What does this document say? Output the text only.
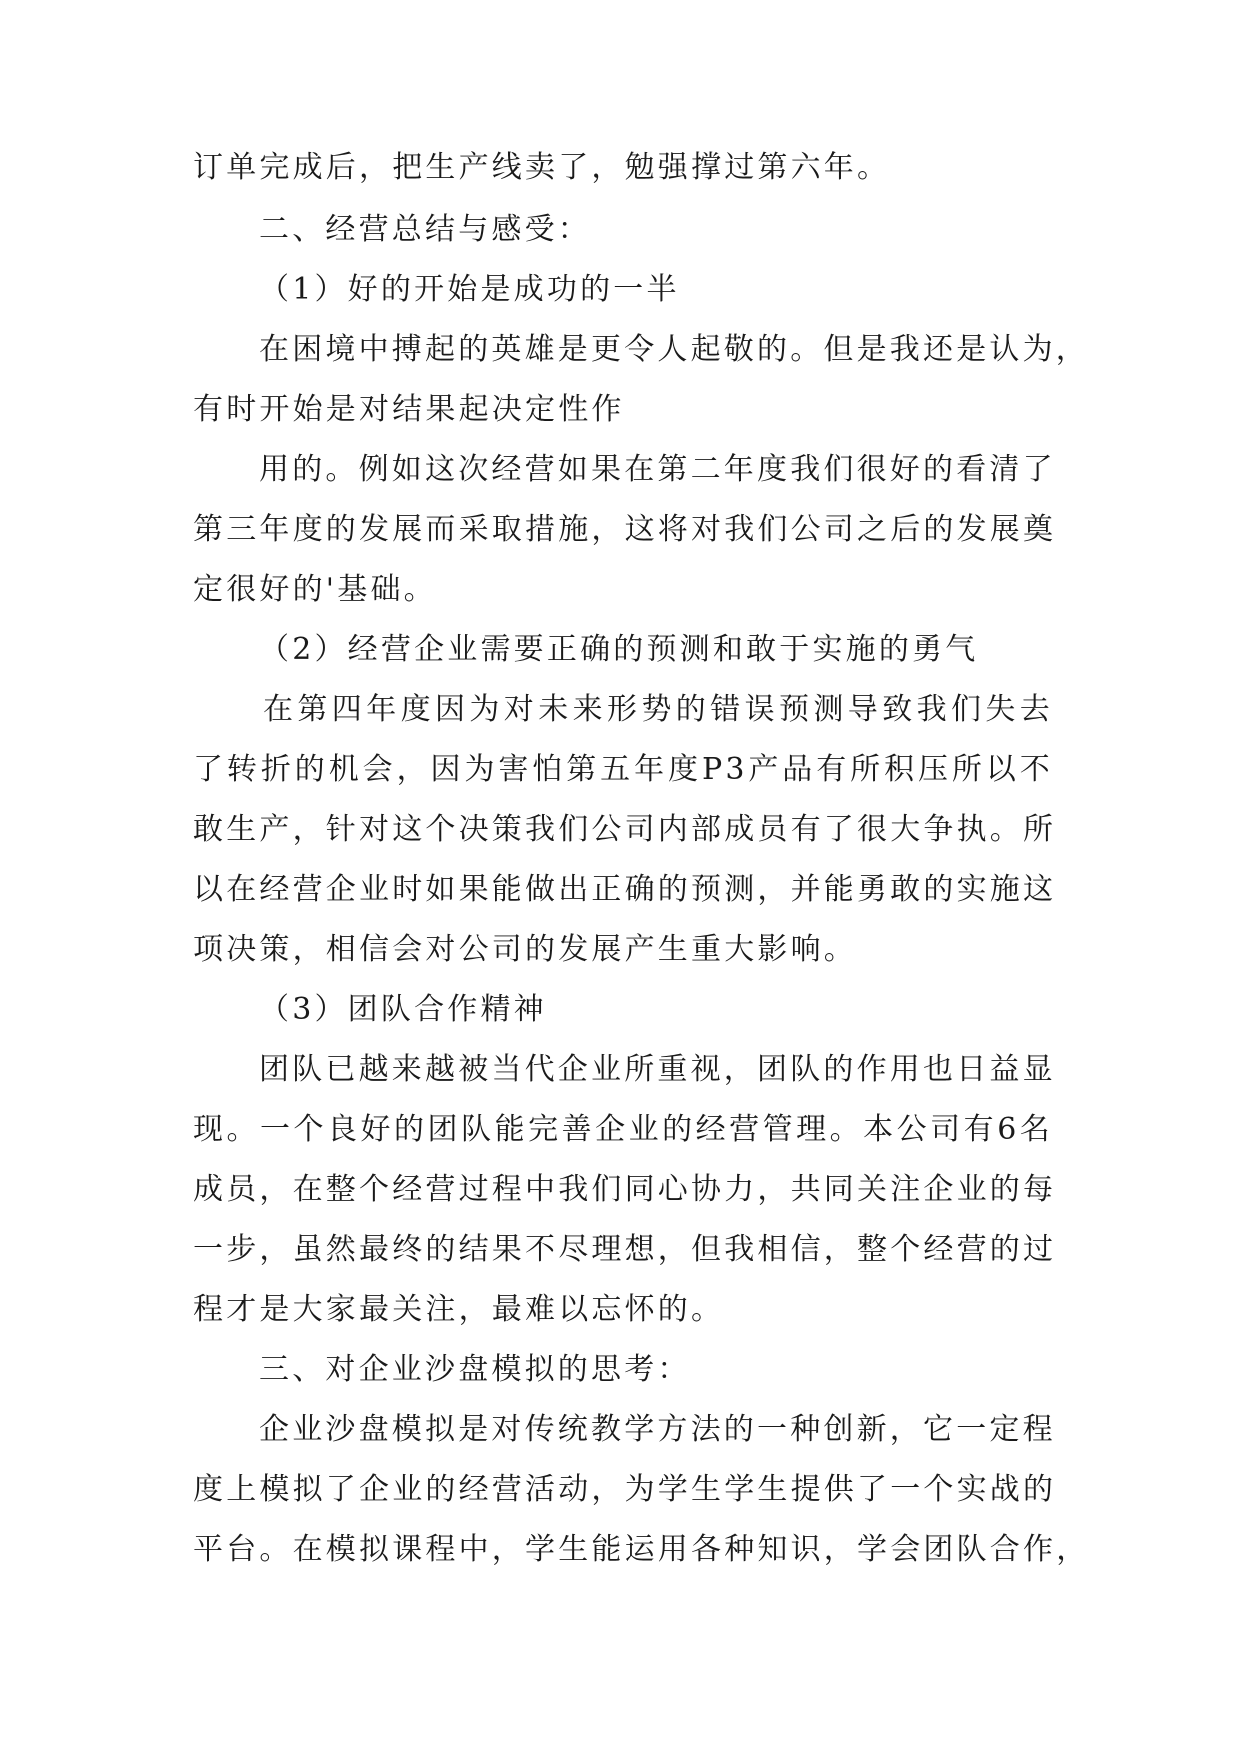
订单完成后，把生产线卖了，勉强撑过第六年。
二、经营总结与感受：
（1）好的开始是成功的一半
在困境中搏起的英雄是更令人起敬的。但是我还是认为，
有时开始是对结果起决定性作
用的。例如这次经营如果在第二年度我们很好的看清了
第三年度的发展而采取措施，这将对我们公司之后的发展奠
定很好的'基础。
（2）经营企业需要正确的预测和敢于实施的勇气
在第四年度因为对未来形势的错误预测导致我们失去
了转折的机会，因为害怕第五年度P3产品有所积压所以不
敢生产，针对这个决策我们公司内部成员有了很大争执。所
以在经营企业时如果能做出正确的预测，并能勇敢的实施这
项决策，相信会对公司的发展产生重大影响。
（3）团队合作精神
团队已越来越被当代企业所重视，团队的作用也日益显
现。一个良好的团队能完善企业的经营管理。本公司有6名
成员，在整个经营过程中我们同心协力，共同关注企业的每
一步，虽然最终的结果不尽理想，但我相信，整个经营的过
程才是大家最关注，最难以忘怀的。
三、对企业沙盘模拟的思考：
企业沙盘模拟是对传统教学方法的一种创新，它一定程
度上模拟了企业的经营活动，为学生学生提供了一个实战的
平台。在模拟课程中，学生能运用各种知识，学会团队合作，
